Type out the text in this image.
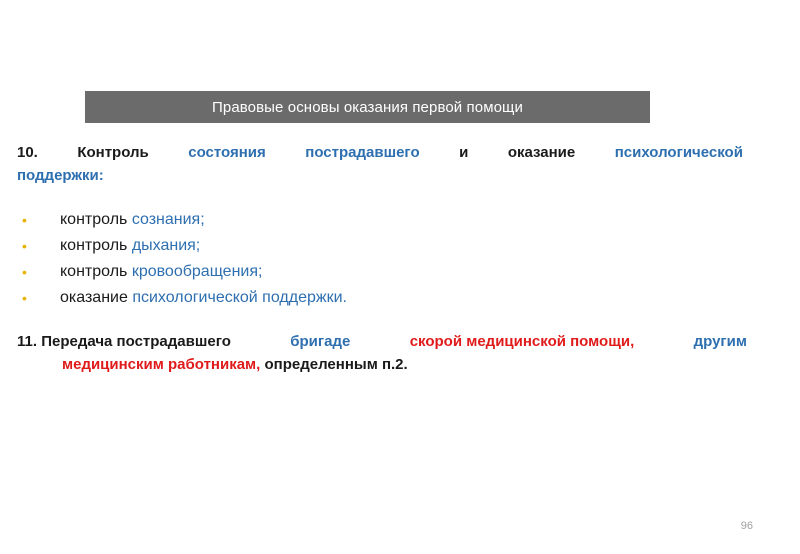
Правовые основы оказания первой помощи
10.	Контроль	состояния	пострадавшего	и	оказание	психологической
поддержки:
•	контроль сознания;
•	контроль дыхания;
•	контроль кровообращения;
•	оказание психологической поддержки.
11. Передача пострадавшего	бригаде	скорой медицинской помощи,	другим
медицинским работникам, определенным п.2.
96
